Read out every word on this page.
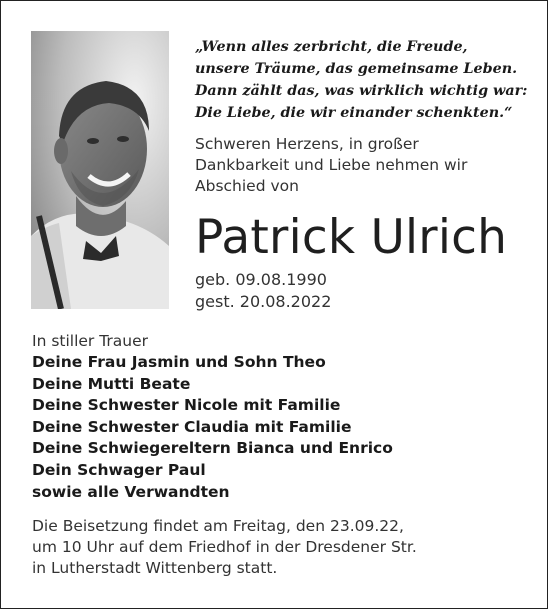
„Wenn alles zerbricht, die Freude,
unsere Träume, das gemeinsame Leben.
Dann zählt das, was wirklich wichtig war:
Die Liebe, die wir einander schenkten.“
Schweren Herzens, in großer
Dankbarkeit und Liebe nehmen wir
Abschied von
Patrick Ulrich
geb. 09.08.1990
gest. 20.08.2022
In stiller Trauer
Deine Frau Jasmin und Sohn Theo
Deine Mutti Beate
Deine Schwester Nicole mit Familie
Deine Schwester Claudia mit Familie
Deine Schwiegereltern Bianca und Enrico
Dein Schwager Paul
sowie alle Verwandten
Die Beisetzung findet am Freitag, den 23.09.22,
um 10 Uhr auf dem Friedhof in der Dresdener Str.
in Lutherstadt Wittenberg statt.
